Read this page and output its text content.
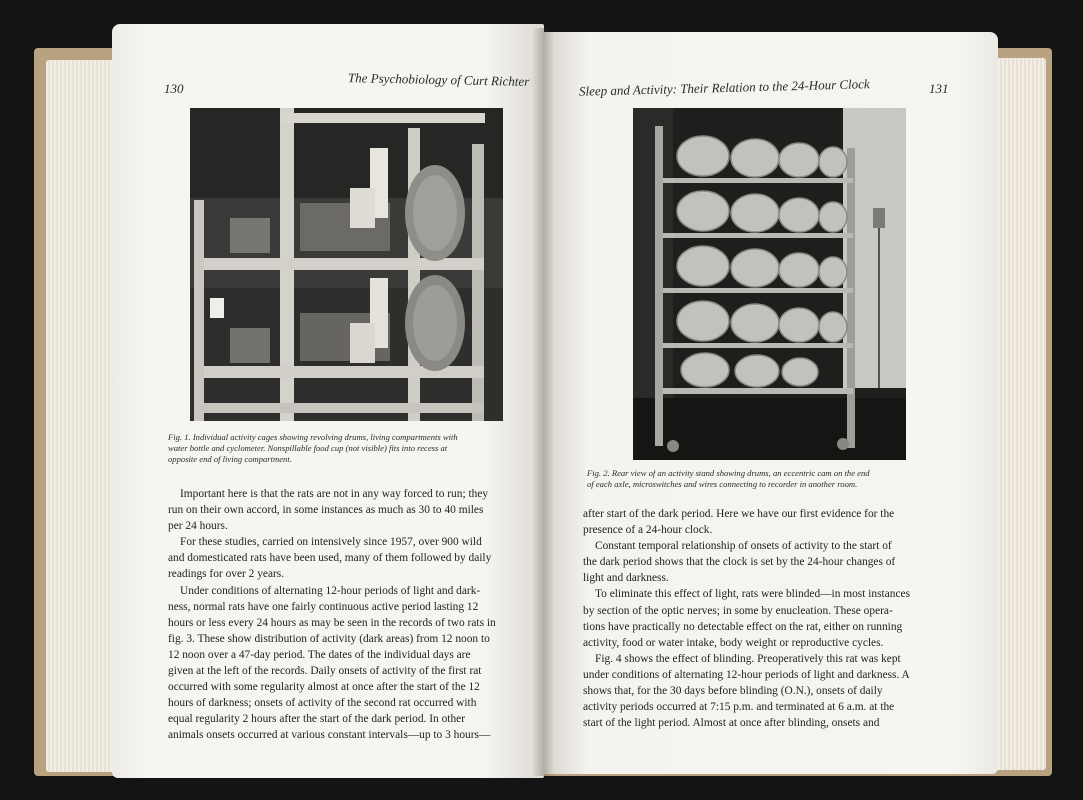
130	The Psychobiology of Curt Richter
Fig. 1. Individual activity cages showing revolving drums, living compartments with
water bottle and cyclometer. Nonspillable food cup (not visible) fits into recess at
opposite end of living compartment.
Important here is that the rats are not in any way forced to run; they
run on their own accord, in some instances as much as 30 to 40 miles
per 24 hours.
For these studies, carried on intensively since 1957, over 900 wild
and domesticated rats have been used, many of them followed by daily
readings for over 2 years.
Under conditions of alternating 12-hour periods of light and dark-
ness, normal rats have one fairly continuous active period lasting 12
hours or less every 24 hours as may be seen in the records of two rats in
fig. 3. These show distribution of activity (dark areas) from 12 noon to
12 noon over a 47-day period. The dates of the individual days are
given at the left of the records. Daily onsets of activity of the first rat
occurred with some regularity almost at once after the start of the 12
hours of darkness; onsets of activity of the second rat occurred with
equal regularity 2 hours after the start of the dark period. In other
animals onsets occurred at various constant intervals—up to 3 hours—
Sleep and Activity: Their Relation to the 24-Hour Clock	131
Fig. 2. Rear view of an activity stand showing drums, an eccentric cam on the end
of each axle, microswitches and wires connecting to recorder in another room.
after start of the dark period. Here we have our first evidence for the
presence of a 24-hour clock.
Constant temporal relationship of onsets of activity to the start of
the dark period shows that the clock is set by the 24-hour changes of
light and darkness.
To eliminate this effect of light, rats were blinded—in most instances
by section of the optic nerves; in some by enucleation. These opera-
tions have practically no detectable effect on the rat, either on running
activity, food or water intake, body weight or reproductive cycles.
Fig. 4 shows the effect of blinding. Preoperatively this rat was kept
under conditions of alternating 12-hour periods of light and darkness. A
shows that, for the 30 days before blinding (O.N.), onsets of daily
activity periods occurred at 7:15 p.m. and terminated at 6 a.m. at the
start of the light period. Almost at once after blinding, onsets and
